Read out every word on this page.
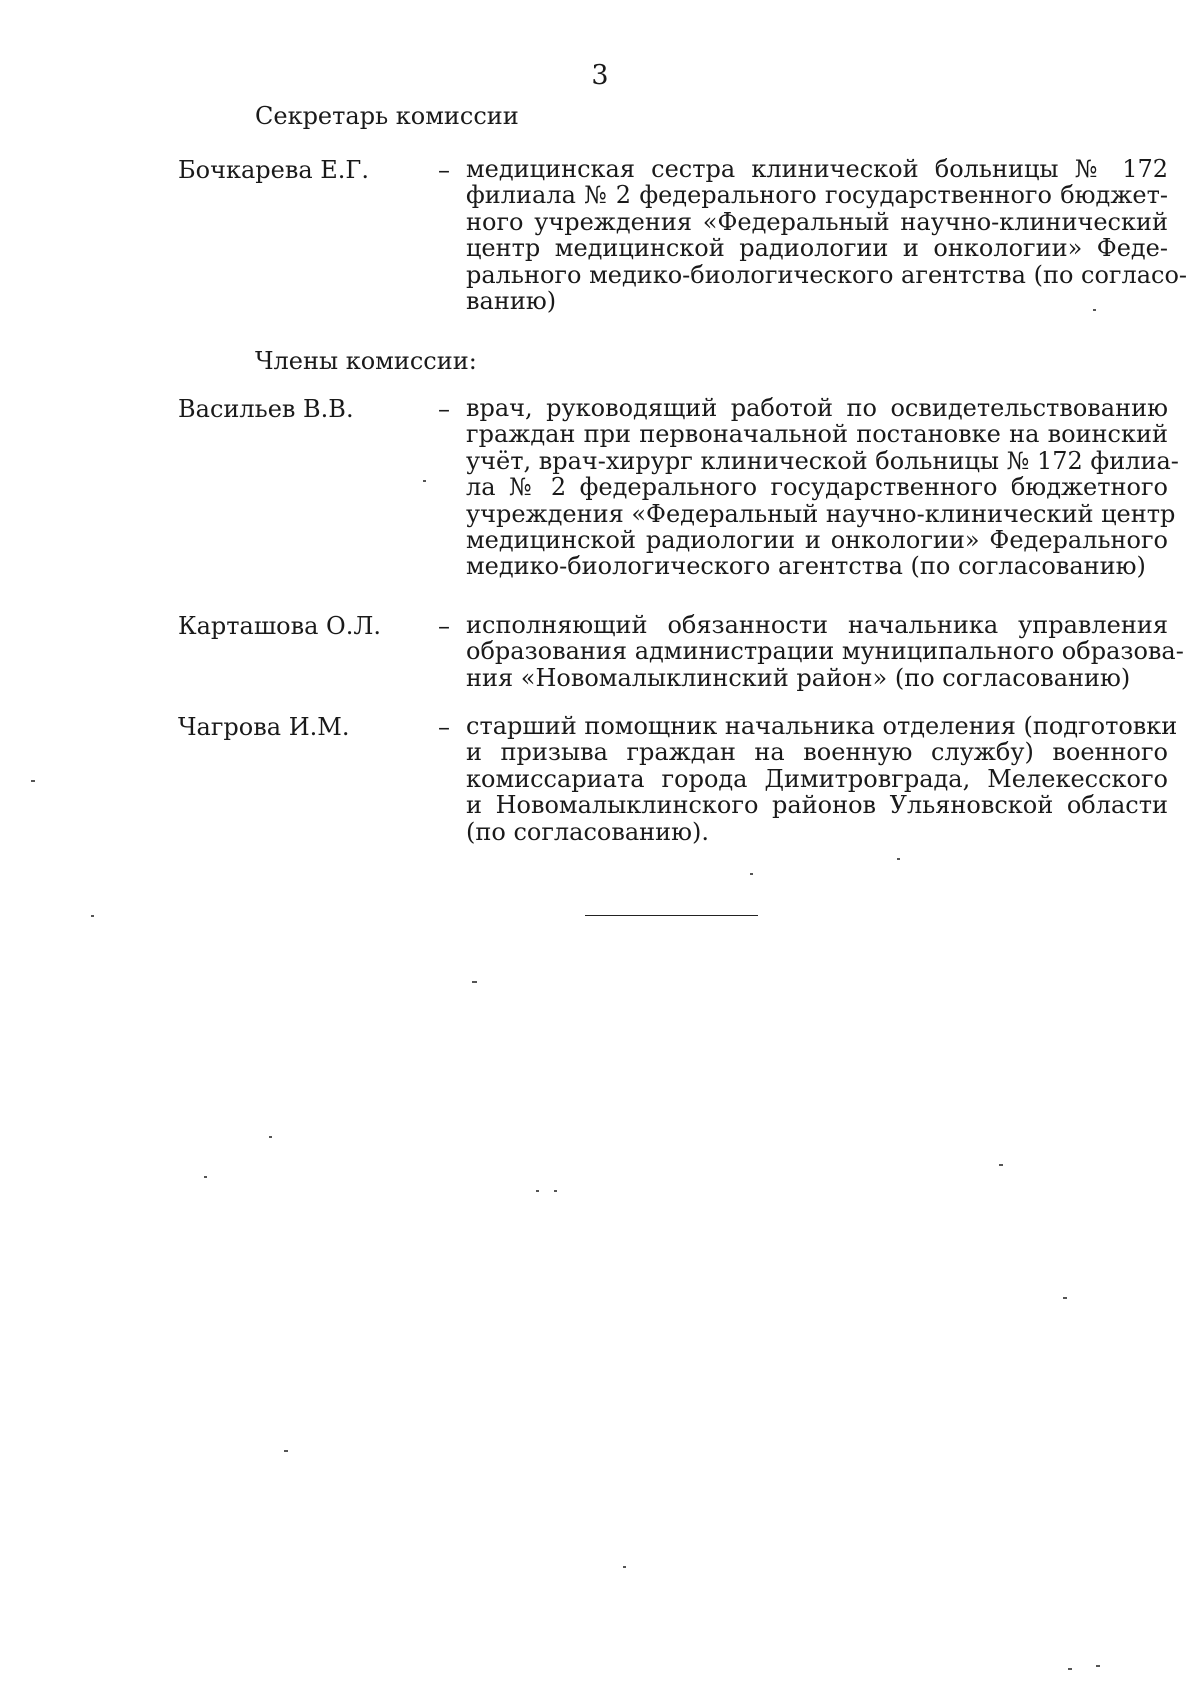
3
Секретарь комиссии
Бочкарева Е.Г.	– медицинская сестра клинической больницы № 172
филиала № 2 федерального государственного бюджет-
ного учреждения «Федеральный научно-клинический
центр медицинской радиологии и онкологии» Феде-
рального медико-биологического агентства (по согласо-
ванию)
Члены комиссии:
Васильев В.В.	– врач, руководящий работой по освидетельствованию
граждан при первоначальной постановке на воинский
учёт, врач-хирург клинической больницы № 172 филиа-
ла № 2 федерального государственного бюджетного
учреждения «Федеральный научно-клинический центр
медицинской радиологии и онкологии» Федерального
медико-биологического агентства (по согласованию)
Карташова О.Л. – исполняющий обязанности начальника управления
образования администрации муниципального образова-
ния «Новомалыклинский район» (по согласованию)
Чагрова И.М.	– старший помощник начальника отделения (подготовки
и призыва граждан на военную службу) военного
комиссариата города Димитровграда, Мелекесского
и Новомалыклинского районов Ульяновской области
(по согласованию).
